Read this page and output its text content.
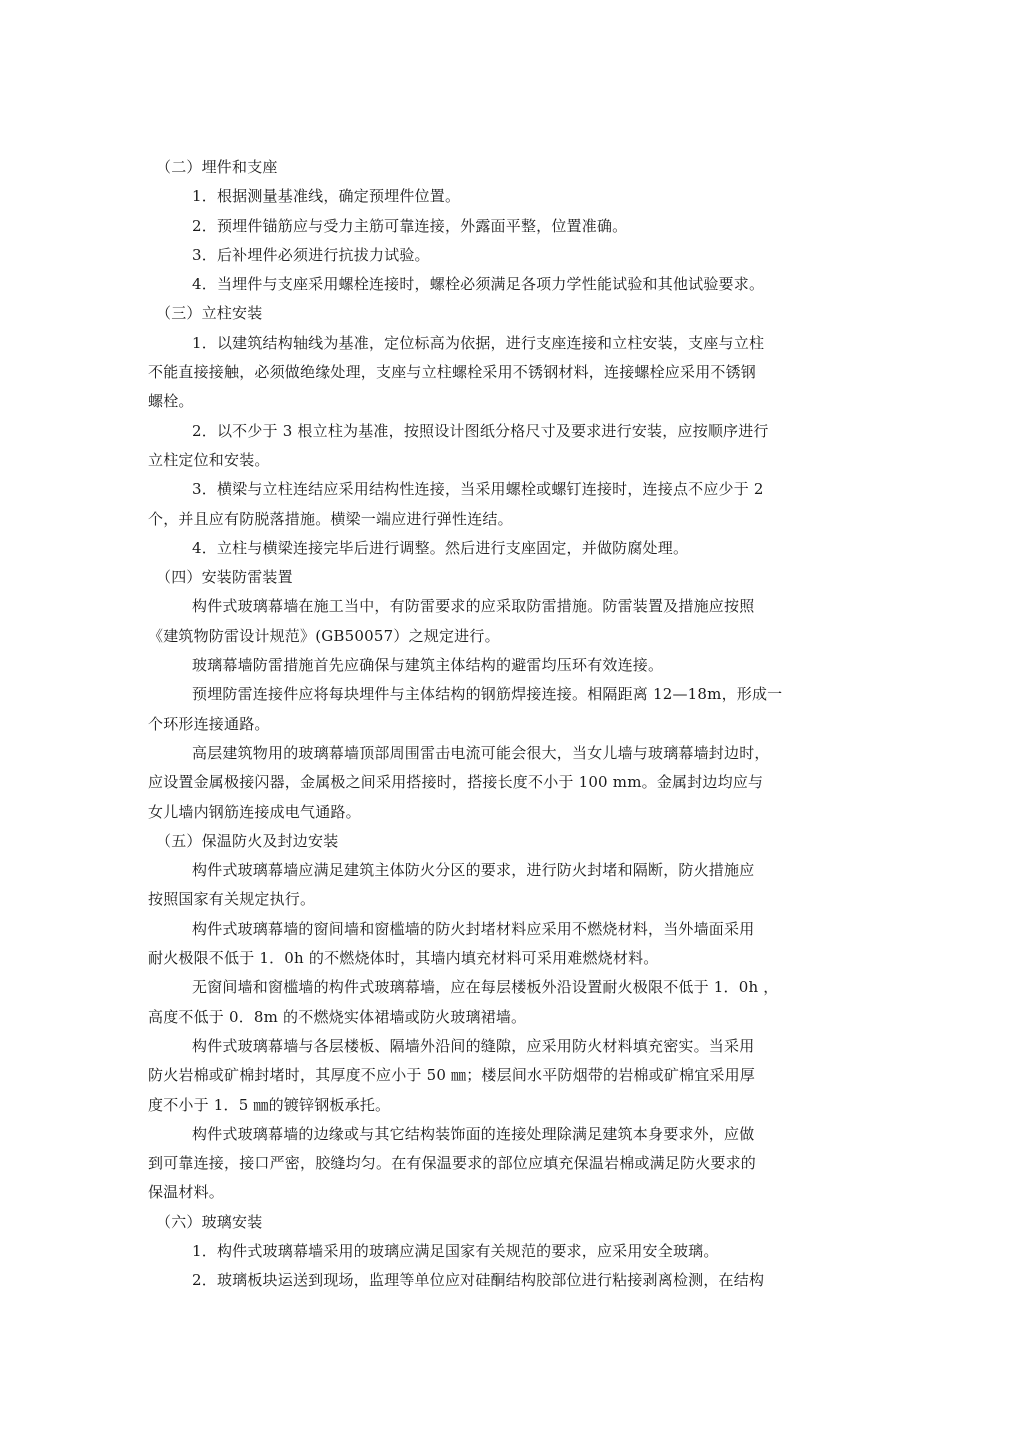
（二）埋件和支座
1．根据测量基准线，确定预埋件位置。
2．预埋件锚筋应与受力主筋可靠连接，外露面平整，位置准确。
3．后补埋件必须进行抗拔力试验。
4．当埋件与支座采用螺栓连接时，螺栓必须满足各项力学性能试验和其他试验要求。
（三）立柱安装
1．以建筑结构轴线为基准，定位标高为依据，进行支座连接和立柱安装，支座与立柱
不能直接接触，必须做绝缘处理，支座与立柱螺栓采用不锈钢材料，连接螺栓应采用不锈钢
螺栓。
2．以不少于 3 根立柱为基准，按照设计图纸分格尺寸及要求进行安装，应按顺序进行
立柱定位和安装。
3．横梁与立柱连结应采用结构性连接，当采用螺栓或螺钉连接时，连接点不应少于 2
个，并且应有防脱落措施。横梁一端应进行弹性连结。
4．立柱与横梁连接完毕后进行调整。然后进行支座固定，并做防腐处理。
（四）安装防雷装置
构件式玻璃幕墙在施工当中，有防雷要求的应采取防雷措施。防雷装置及措施应按照
《建筑物防雷设计规范》(GB50057）之规定进行。
玻璃幕墙防雷措施首先应确保与建筑主体结构的避雷均压环有效连接。
预埋防雷连接件应将每块埋件与主体结构的钢筋焊接连接。相隔距离 12—18m，形成一
个环形连接通路。
高层建筑物用的玻璃幕墙顶部周围雷击电流可能会很大，当女儿墙与玻璃幕墙封边时，
应设置金属极接闪器，金属极之间采用搭接时，搭接长度不小于 100 mm。金属封边均应与
女儿墙内钢筋连接成电气通路。
（五）保温防火及封边安装
构件式玻璃幕墙应满足建筑主体防火分区的要求，进行防火封堵和隔断，防火措施应
按照国家有关规定执行。
构件式玻璃幕墙的窗间墙和窗槛墙的防火封堵材料应采用不燃烧材料，当外墙面采用
耐火极限不低于 1．0h 的不燃烧体时，其墙内填充材料可采用难燃烧材料。
无窗间墙和窗槛墙的构件式玻璃幕墙，应在每层楼板外沿设置耐火极限不低于 1．0h ，
高度不低于 0．8m 的不燃烧实体裙墙或防火玻璃裙墙。
构件式玻璃幕墙与各层楼板、隔墙外沿间的缝隙，应采用防火材料填充密实。当采用
防火岩棉或矿棉封堵时，其厚度不应小于 50 ㎜；楼层间水平防烟带的岩棉或矿棉宜采用厚
度不小于 1．5 ㎜的镀锌钢板承托。
构件式玻璃幕墙的边缘或与其它结构装饰面的连接处理除满足建筑本身要求外，应做
到可靠连接，接口严密，胶缝均匀。在有保温要求的部位应填充保温岩棉或满足防火要求的
保温材料。
（六）玻璃安装
1．构件式玻璃幕墙采用的玻璃应满足国家有关规范的要求，应采用安全玻璃。
2．玻璃板块运送到现场，监理等单位应对硅酮结构胶部位进行粘接剥离检测，在结构
